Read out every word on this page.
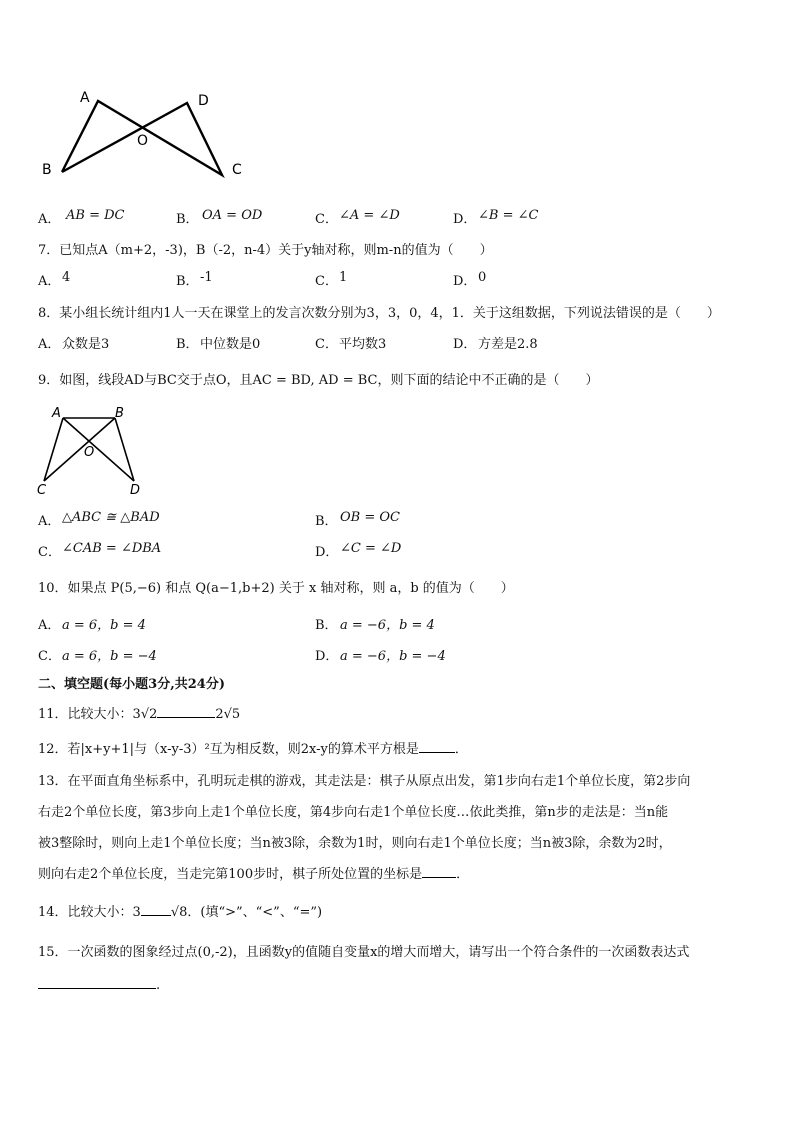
A
B	C
D
O
A． AB = DC	B． OA = OD	C． ∠A = ∠D	D． ∠B = ∠C
7．已知点A（m+2，-3)，B（-2，n-4）关于y轴对称，则m-n的值为（　　）
A． 4	B． -1	C． 1	D． 0
8．某小组长统计组内1人一天在课堂上的发言次数分别为3，3，0，4，1．关于这组数据，下列说法错误的是（　　）
A． 众数是3	B． 中位数是0	C． 平均数3	D． 方差是2.8
9．如图，线段AD与BC交于点O，且AC = BD, AD = BC，则下面的结论中不正确的是（　　）
A	B
C	D
O
A． △ABC ≅ △BAD	B． OB = OC
C． ∠CAB = ∠DBA	D． ∠C = ∠D
10．如果点 P(5,−6) 和点 Q(a−1,b+2) 关于 x 轴对称，则 a，b 的值为（　　）
A． a = 6，b = 4	B． a = −6，b = 4
C． a = 6，b = −4	D． a = −6，b = −4
二、填空题(每小题3分,共24分)
11．比较大小：3√2	2√5
12．若|x+y+1|与（x-y-3）²互为相反数，则2x-y的算术平方根是	．
13．在平面直角坐标系中，孔明玩走棋的游戏，其走法是：棋子从原点出发，第1步向右走1个单位长度，第2步向
右走2个单位长度，第3步向上走1个单位长度，第4步向右走1个单位长度…依此类推，第n步的走法是：当n能
被3整除时，则向上走1个单位长度；当n被3除，余数为1时，则向右走1个单位长度；当n被3除，余数为2时，
则向右走2个单位长度，当走完第100步时，棋子所处位置的坐标是	．
14．比较大小：3 √8．(填“>”、“<”、“=”)
15．一次函数的图象经过点(0,-2)，且函数y的值随自变量x的增大而增大，请写出一个符合条件的一次函数表达式
.
